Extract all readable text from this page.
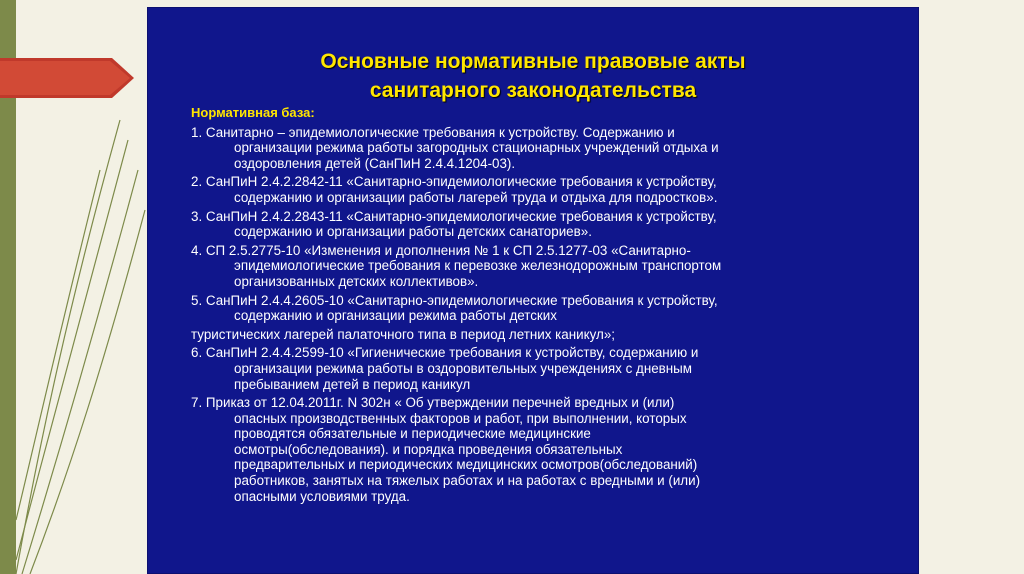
Основные нормативные правовые акты
санитарного законодательства
Нормативная база:
1. Санитарно – эпидемиологические требования к устройству. Содержанию и
организации режима работы загородных стационарных учреждений отдыха и
оздоровления детей (СанПиН 2.4.4.1204-03).
2. СанПиН 2.4.2.2842-11 «Санитарно-эпидемиологические требования к устройству,
содержанию и организации работы лагерей труда и отдыха для подростков».
3. СанПиН 2.4.2.2843-11 «Санитарно-эпидемиологические требования к устройству,
содержанию и организации работы детских санаториев».
4. СП 2.5.2775-10 «Изменения и дополнения № 1 к СП 2.5.1277-03 «Санитарно-
эпидемиологические требования к перевозке железнодорожным транспортом
организованных детских коллективов».
5. СанПиН 2.4.4.2605-10 «Санитарно-эпидемиологические требования к устройству,
содержанию и организации режима работы детских
туристических лагерей палаточного типа в период летних каникул»;
6. СанПиН 2.4.4.2599-10 «Гигиенические требования к устройству, содержанию и
организации режима работы в оздоровительных учреждениях с дневным
пребыванием детей в период каникул
7. Приказ от 12.04.2011г. N 302н « Об утверждении перечней вредных и (или)
опасных производственных факторов и работ, при выполнении, которых
проводятся обязательные и периодические медицинские
осмотры(обследования). и порядка проведения обязательных
предварительных и периодических медицинских осмотров(обследований)
работников, занятых на тяжелых работах и на работах с вредными и (или)
опасными условиями труда.
